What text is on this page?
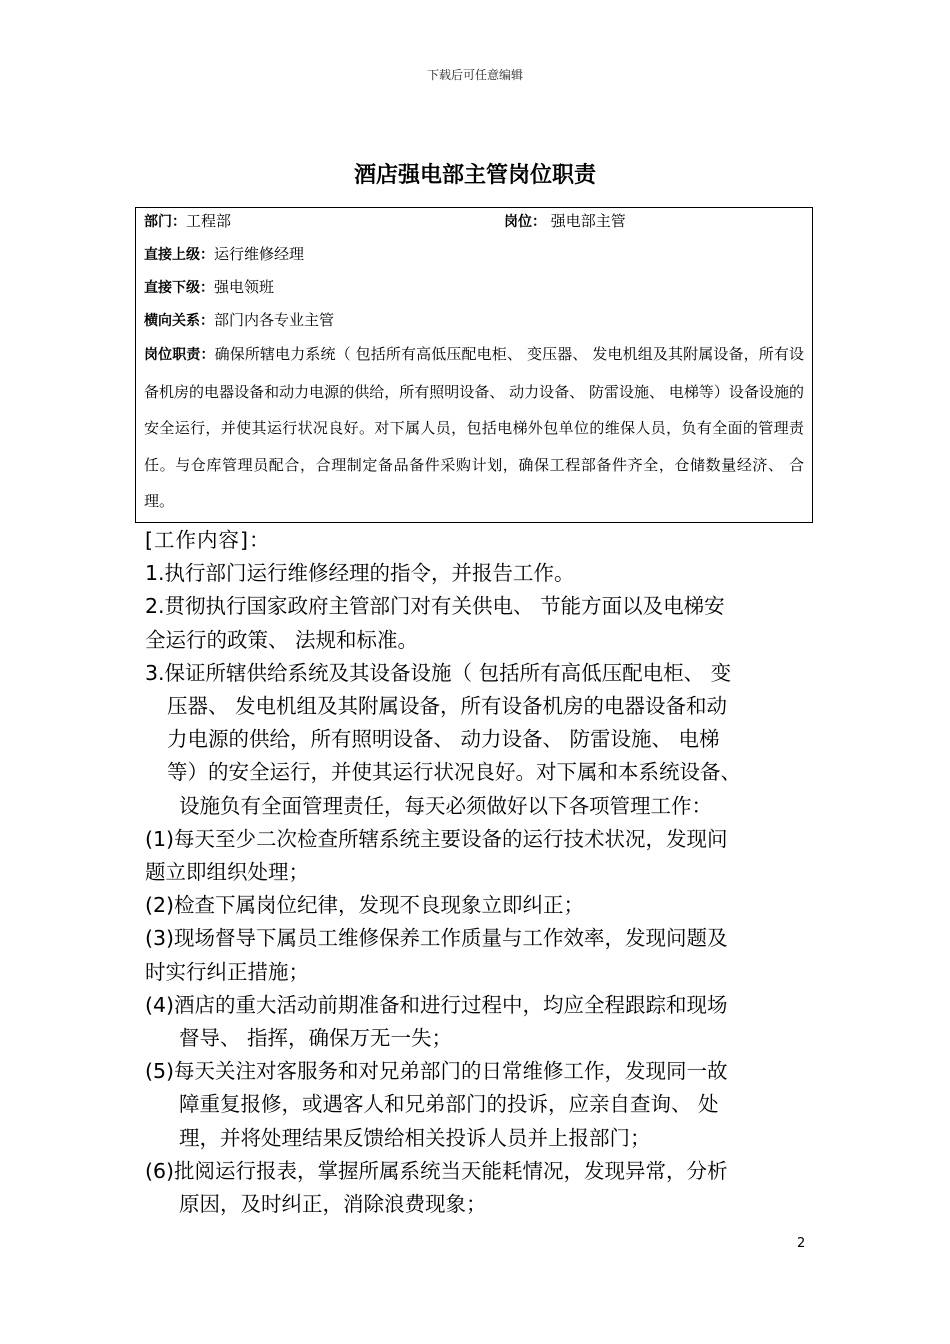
下载后可任意编辑
酒店强电部主管岗位职责
部门：工程部	岗位： 强电部主管
直接上级：运行维修经理
直接下级：强电领班
横向关系：部门内各专业主管
岗位职责：确保所辖电力系统（ 包括所有高低压配电柜、 变压器、 发电机组及其附属设备，所有设备机房的电器设备和动力电源的供给，所有照明设备、 动力设备、 防雷设施、 电梯等）设备设施的安全运行，并使其运行状况良好。对下属人员，包括电梯外包单位的维保人员，负有全面的管理责任。与仓库管理员配合，合理制定备品备件采购计划，确保工程部备件齐全，仓储数量经济、 合理。

[工作内容]：

1.执行部门运行维修经理的指令，并报告工作。

2.贯彻执行国家政府主管部门对有关供电、 节能方面以及电梯安

全运行的政策、 法规和标准。

3.保证所辖供给系统及其设备设施（ 包括所有高低压配电柜、 变

压器、 发电机组及其附属设备，所有设备机房的电器设备和动

力电源的供给，所有照明设备、 动力设备、 防雷设施、 电梯

等）的安全运行，并使其运行状况良好。对下属和本系统设备、

设施负有全面管理责任，每天必须做好以下各项管理工作：

(1)每天至少二次检查所辖系统主要设备的运行技术状况，发现问

题立即组织处理；

(2)检查下属岗位纪律，发现不良现象立即纠正；

(3)现场督导下属员工维修保养工作质量与工作效率，发现问题及

时实行纠正措施；

(4)酒店的重大活动前期准备和进行过程中，均应全程跟踪和现场

督导、 指挥，确保万无一失；

(5)每天关注对客服务和对兄弟部门的日常维修工作，发现同一故

障重复报修，或遇客人和兄弟部门的投诉，应亲自查询、 处

理，并将处理结果反馈给相关投诉人员并上报部门；

(6)批阅运行报表，掌握所属系统当天能耗情况，发现异常，分析

原因，及时纠正，消除浪费现象；

2
